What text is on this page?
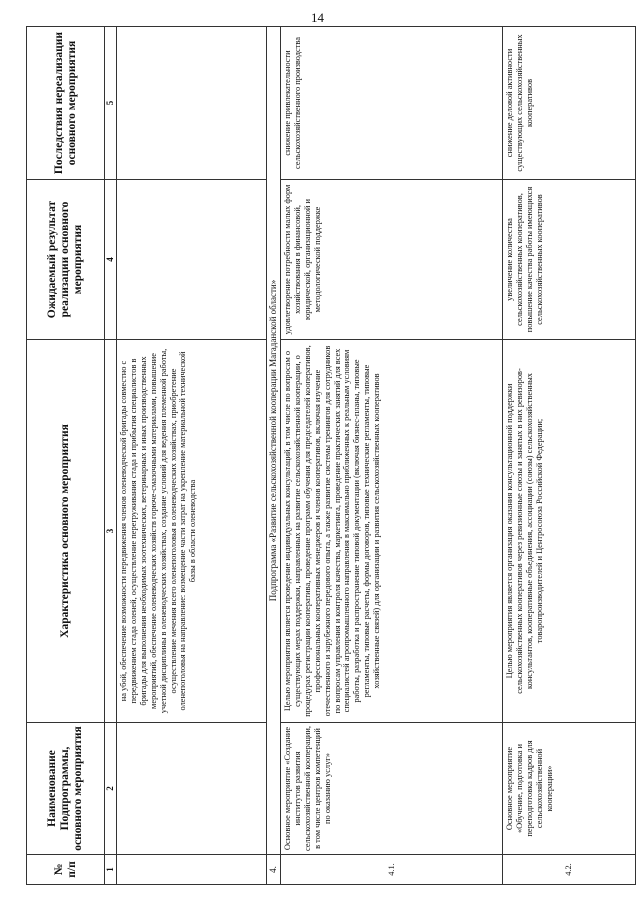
14
№ п/п	Наименование Подпрограммы, основного мероприятия	Характеристика основного мероприятия	Ожидаемый результат реализации основного мероприятия	Последствия нереализации основного мероприятия
1	2	3	4	5
		на убой, обеспечение возможности передвижения членов оленеводческой бригады совместно с передвижением стада оленей, осуществление перегруживания стада и прибытия специалистов в бригады для выполнения необходимых зоотехнических, ветеринарных и иных производственных мероприятий, обеспечение оленеводческих хозяйств горюче-смазочными материалами, повышение учетной дисциплины в оленеводческих хозяйствах, создание условий для ведения племенной работы, осуществление мечения всего оленепоголовья в оленеводческих хозяйствах, приобретение оленепоголовья на направление: возмещение части затрат на укрепление материальной технической базы в области оленеводства		
4.	Подпрограмма «Развитие сельскохозяйственной кооперации Магаданской области»			
4.1.	Основное мероприятие «Создание институтов развития сельскохозяйственной кооперации, в том числе центров компетенций по оказанию услуг»	Целью мероприятия является проведение индивидуальных консультаций, в том числе по вопросам о существующих мерах поддержки, направленных на развитие сельскохозяйственной кооперации, о процедурах регистрации кооператива, проведение программ обучения для председателей кооперативов, профессиональных кооперативных менеджеров и членов кооперативов, включая изучение отечественного и зарубежного передового опыта, а также развитие системы тренингов для сотрудников по вопросам управления и контроля качества, маркетинга, проведение практических занятий для всех специалистей агропромышленного направления в максимально приближенных к реальным условиям работы, разработка и распространение типовой документации (включая бизнес-планы, типовые регламенты, типовые расчеты, формы договоров, типовые технические регламенты, типовые хозяйственные связей) для организации и развития сельскохозяйственных кооперативов	удовлетворение потребности малых форм хозяйствования в финансовой, юридической, организационной и методологической поддержке	снижение привлекательности сельскохозяйственного производства
4.2.	Основное мероприятие «Обучение, подготовка и переподготовка кадров для сельскохозяйственной кооперации»	Целью мероприятия является организация оказания консультационной поддержки сельскохозяйственных кооперативов через ревизионные союзы и занятых в них ревизоров-консультантов, кооперативные объединения, ассоциации (союзы) сельскохозяйственных товаропроизводителей и Центросоюза Российской Федерации;	увеличение количества сельскохозяйственных кооперативов, повышение качества работы имеющихся сельскохозяйственных кооперативов	снижение деловой активности существующих сельскохозяйственных кооперативов
